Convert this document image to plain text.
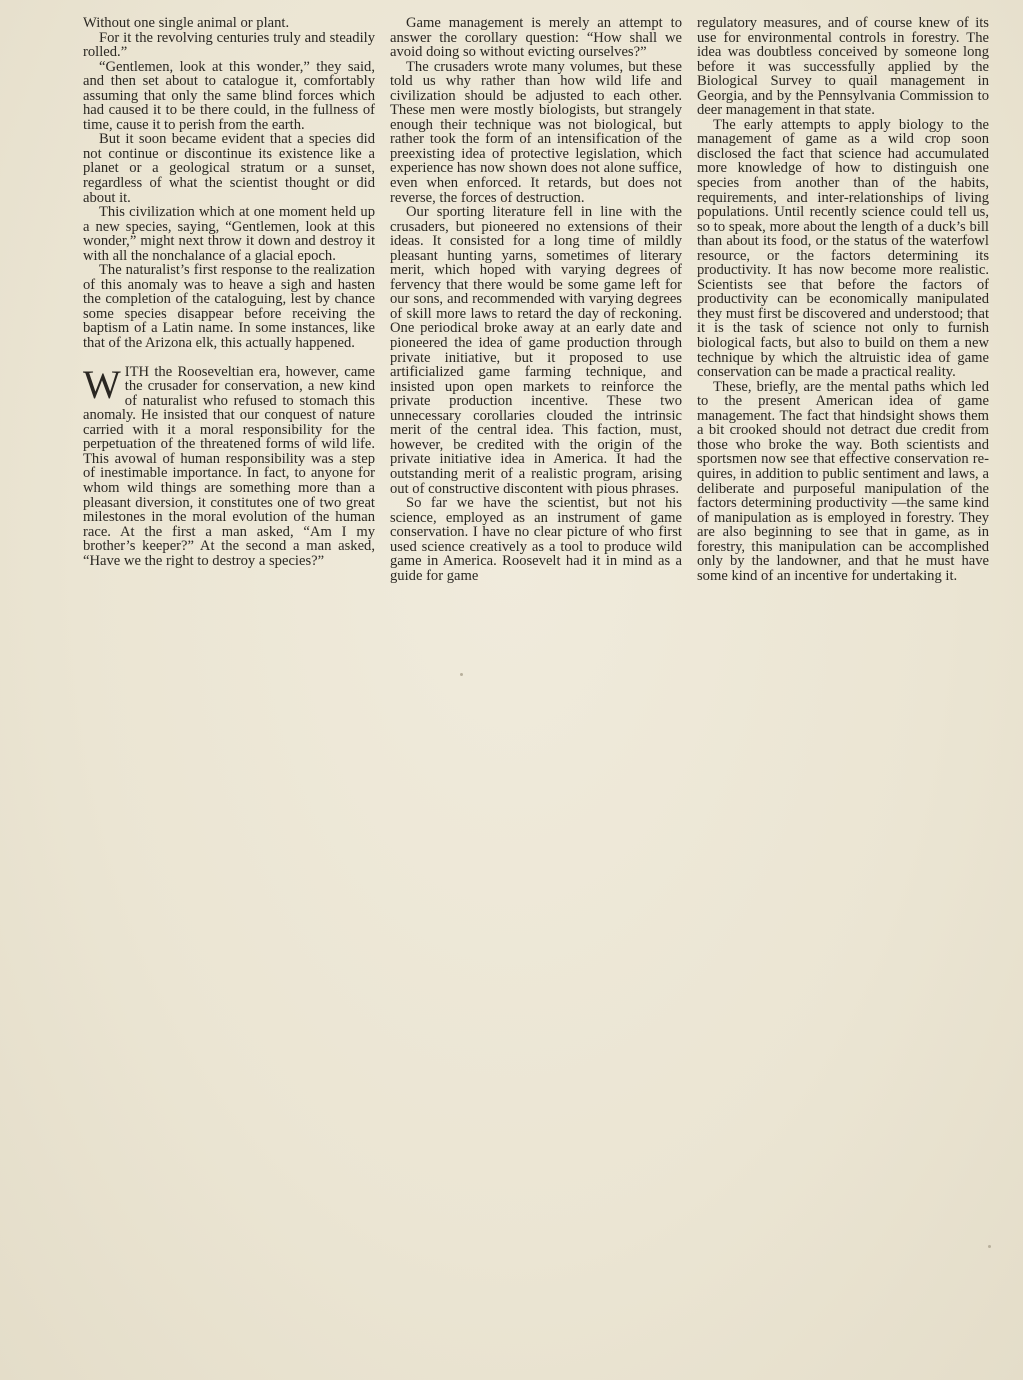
Without one single animal or plant.

For it the revolving centuries truly and steadily rolled.”

“Gentlemen, look at this wonder,” they said, and then set about to catalogue it, comfortably assuming that only the same blind forces which had caused it to be there could, in the fullness of time, cause it to perish from the earth.

But it soon became evident that a species did not continue or discontinue its existence like a planet or a geological stratum or a sunset, regardless of what the scientist thought or did about it.

This civilization which at one moment held up a new species, saying, “Gentlemen, look at this wonder,” might next throw it down and destroy it with all the nonchalance of a glacial epoch.

The naturalist’s first response to the realization of this anomaly was to heave a sigh and hasten the completion of the cataloguing, lest by chance some species disappear before receiving the baptism of a Latin name. In some instances, like that of the Arizona elk, this actually happened.

WITH the Rooseveltian era, however, came the crusader for conservation, a new kind of naturalist who refused to stomach this anomaly. He insisted that our conquest of nature carried with it a moral responsibility for the perpetuation of the threatened forms of wild life. This avowal of human responsibility was a step of inestimable importance. In fact, to anyone for whom wild things are something more than a pleasant diversion, it constitutes one of two great milestones in the moral evolution of the human race. At the first a man asked, “Am I my brother’s keeper?” At the second a man asked, “Have we the right to destroy a species?”

Game management is merely an attempt to answer the corollary question: “How shall we avoid doing so without evicting ourselves?”

The crusaders wrote many volumes, but these told us why rather than how wild life and civilization should be adjusted to each other. These men were mostly biologists, but strangely enough their technique was not biological, but rather took the form of an intensification of the preexisting idea of protective legislation, which experience has now shown does not alone suffice, even when enforced. It retards, but does not reverse, the forces of destruction.

Our sporting literature fell in line with the crusaders, but pioneered no extensions of their ideas. It consisted for a long time of mildly pleasant hunting yarns, sometimes of literary merit, which hoped with varying degrees of fervency that there would be some game left for our sons, and recommended with varying degrees of skill more laws to retard the day of reckoning. One periodical broke away at an early date and pioneered the idea of game production through private initiative, but it proposed to use artificialized game farming technique, and insisted upon open markets to reinforce the private production incentive. These two unnecessary corollaries clouded the intrinsic merit of the central idea. This faction, must, however, be credited with the origin of the private initiative idea in America. It had the outstanding merit of a realistic program, arising out of constructive discontent with pious phrases.

So far we have the scientist, but not his science, employed as an instrument of game conservation. I have no clear picture of who first used science creatively as a tool to produce wild game in America. Roosevelt had it in mind as a guide for game

regulatory measures, and of course knew of its use for environmental controls in forestry. The idea was doubtless conceived by someone long before it was successfully applied by the Biological Survey to quail management in Georgia, and by the Pennsylvania Commission to deer management in that state.

The early attempts to apply biology to the management of game as a wild crop soon disclosed the fact that science had accumulated more knowledge of how to distinguish one species from another than of the habits, requirements, and inter-relationships of living populations. Until recently science could tell us, so to speak, more about the length of a duck’s bill than about its food, or the status of the waterfowl resource, or the factors determining its productivity. It has now become more realistic. Scientists see that before the factors of productivity can be economically manipulated they must first be discovered and understood; that it is the task of science not only to furnish biological facts, but also to build on them a new technique by which the altruistic idea of game conservation can be made a practical reality.

These, briefly, are the mental paths which led to the present American idea of game management. The fact that hindsight shows them a bit crooked should not detract due credit from those who broke the way. Both scientists and sportsmen now see that effective conservation requires, in addition to public sentiment and laws, a deliberate and purposeful manipulation of the factors determining productivity —the same kind of manipulation as is employed in forestry. They are also beginning to see that in game, as in forestry, this manipulation can be accomplished only by the landowner, and that he must have some kind of an incentive for undertaking it.
